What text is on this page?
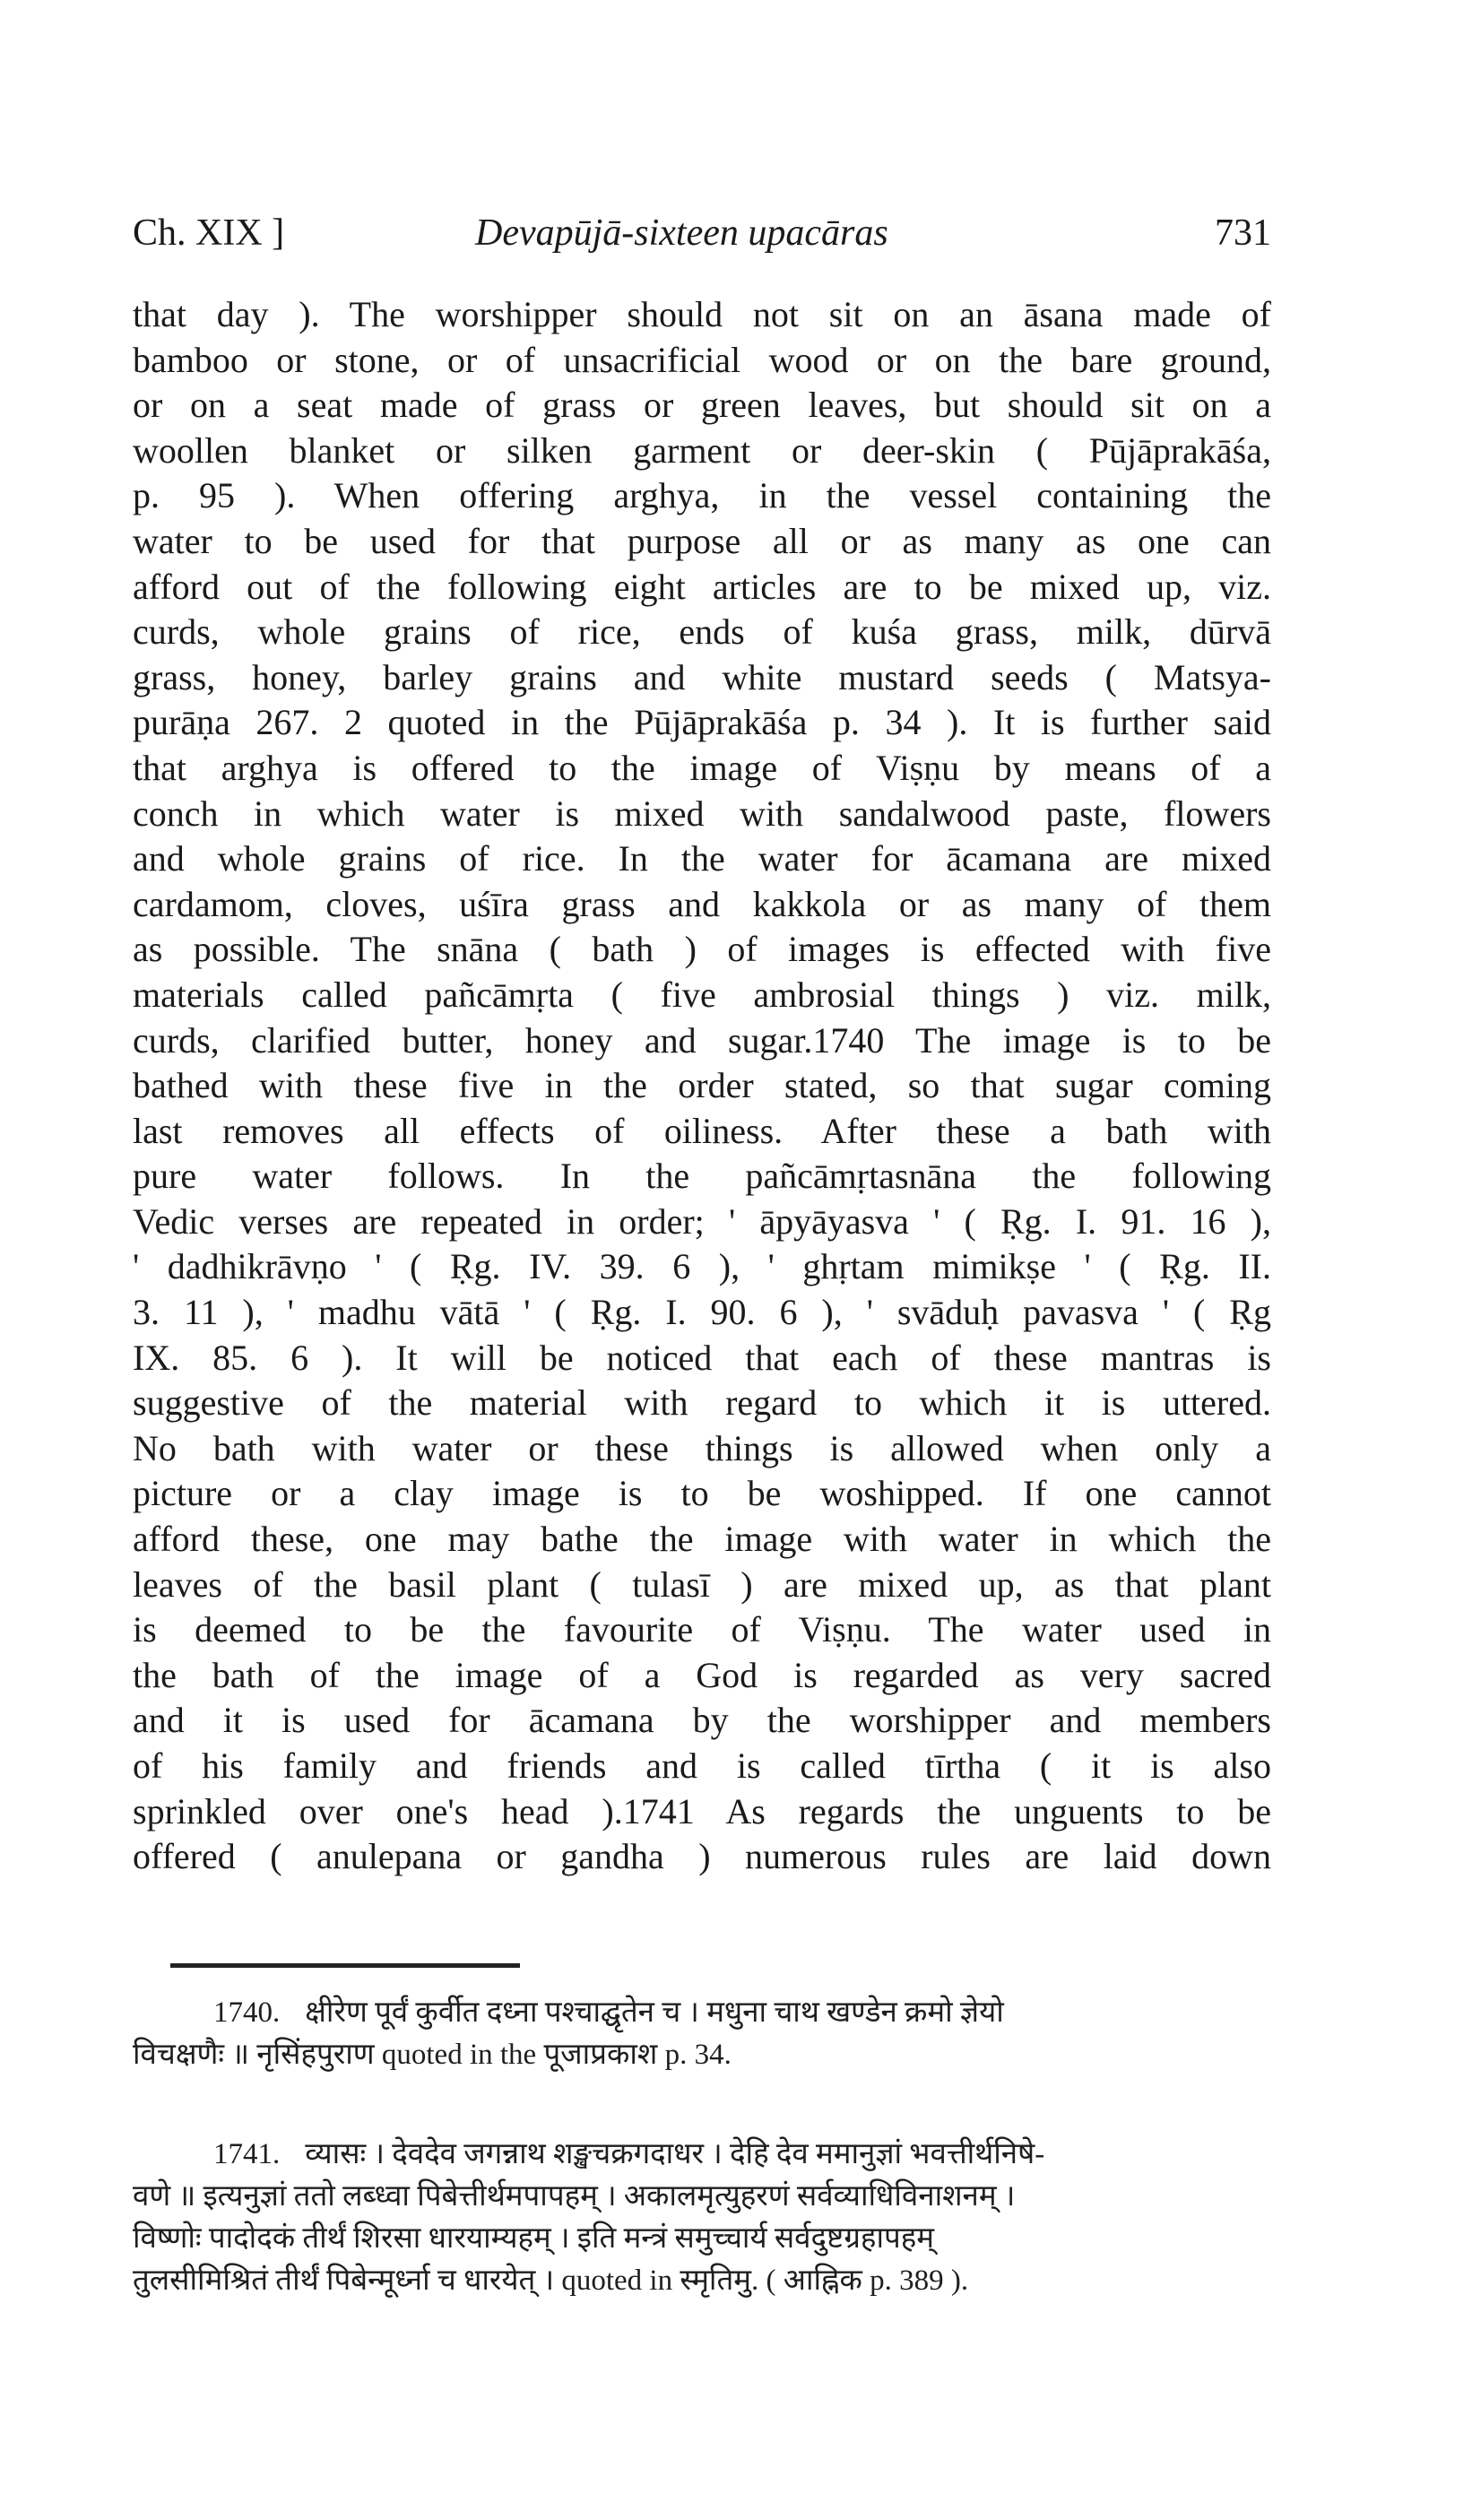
Ch. XIX ]	Devapūjā-sixteen upacāras	731
that day ). The worshipper should not sit on an āsana made of
bamboo or stone, or of unsacrificial wood or on the bare ground,
or on a seat made of grass or green leaves, but should sit on a
woollen blanket or silken garment or deer-skin ( Pūjāprakāśa,
p. 95 ). When offering arghya, in the vessel containing the
water to be used for that purpose all or as many as one can
afford out of the following eight articles are to be mixed up, viz.
curds, whole grains of rice, ends of kuśa grass, milk, dūrvā
grass, honey, barley grains and white mustard seeds ( Matsya-
purāṇa 267. 2 quoted in the Pūjāprakāśa p. 34 ). It is further said
that arghya is offered to the image of Viṣṇu by means of a
conch in which water is mixed with sandalwood paste, flowers
and whole grains of rice. In the water for ācamana are mixed
cardamom, cloves, uśīra grass and kakkola or as many of them
as possible. The snāna ( bath ) of images is effected with five
materials called pañcāmṛta ( five ambrosial things ) viz. milk,
curds, clarified butter, honey and sugar.1740 The image is to be
bathed with these five in the order stated, so that sugar coming
last removes all effects of oiliness. After these a bath with
pure water follows. In the pañcāmṛtasnāna the following
Vedic verses are repeated in order; ' āpyāyasva ' ( Ṛg. I. 91. 16 ),
' dadhikrāvṇo ' ( Ṛg. IV. 39. 6 ), ' ghṛtam mimikṣe ' ( Ṛg. II.
3. 11 ), ' madhu vātā ' ( Ṛg. I. 90. 6 ), ' svāduḥ pavasva ' ( Ṛg
IX. 85. 6 ). It will be noticed that each of these mantras is
suggestive of the material with regard to which it is uttered.
No bath with water or these things is allowed when only a
picture or a clay image is to be woshipped. If one cannot
afford these, one may bathe the image with water in which the
leaves of the basil plant ( tulasī ) are mixed up, as that plant
is deemed to be the favourite of Viṣṇu. The water used in
the bath of the image of a God is regarded as very sacred
and it is used for ācamana by the worshipper and members
of his family and friends and is called tīrtha ( it is also
sprinkled over one's head ).1741 As regards the unguents to be
offered ( anulepana or gandha ) numerous rules are laid down
1740. क्षीरेण पूर्वं कुर्वीत दध्ना पश्चाद्घृतेन च । मधुना चाथ खण्डेन क्रमो ज्ञेयो
विचक्षणैः ॥ नृसिंहपुराण quoted in the पूजाप्रकाश p. 34.
1741. व्यासः । देवदेव जगन्नाथ शङ्खचक्रगदाधर । देहि देव ममानुज्ञां भवत्तीर्थनिषे-
वणे ॥ इत्यनुज्ञां ततो लब्ध्वा पिबेत्तीर्थमपापहम् । अकालमृत्युहरणं सर्वव्याधिविनाशनम् ।
विष्णोः पादोदकं तीर्थं शिरसा धारयाम्यहम् । इति मन्त्रं समुच्चार्य सर्वदुष्टग्रहापहम्
तुलसीमिश्रितं तीर्थं पिबेन्मूर्ध्ना च धारयेत् । quoted in स्मृतिमु. ( आह्निक p. 389 ).
